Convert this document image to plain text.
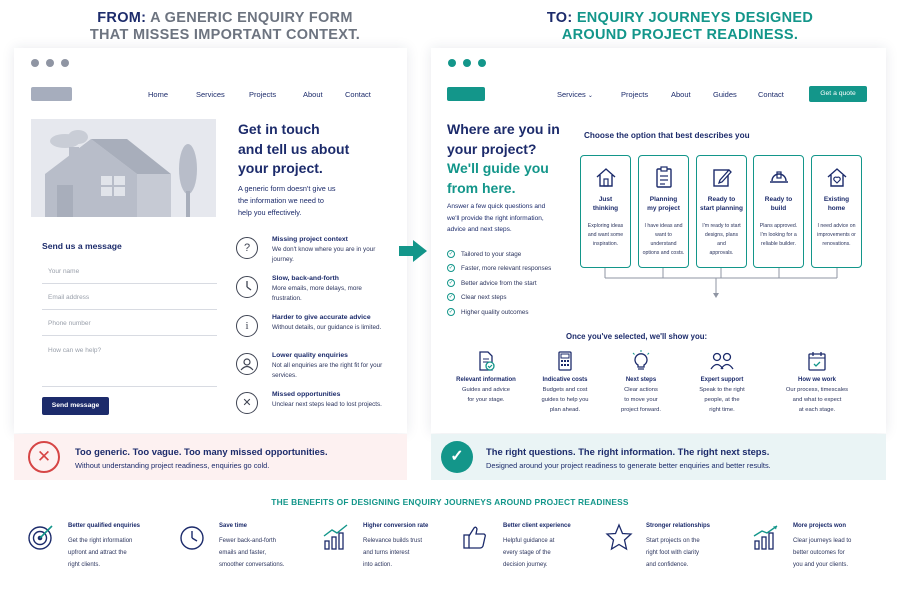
FROM: A GENERIC ENQUIRY FORM
THAT MISSES IMPORTANT CONTEXT.
TO: ENQUIRY JOURNEYS DESIGNED
AROUND PROJECT READINESS.
Home	Services	Projects	About	Contact
Get in touch
and tell us about
your project.
A generic form doesn't give us
the information we need to
help you effectively.
Send us a message
Your name
Email address
Phone number
How can we help?
Send message
?
Missing project context
We don't know where you are in your journey.
Slow, back-and-forth
More emails, more delays, more frustration.
i
Harder to give accurate advice
Without details, our guidance is limited.
Lower quality enquiries
Not all enquiries are the right fit for your services.
✕
Missed opportunities
Unclear next steps lead to lost projects.
✕	Too generic. Too vague. Too many missed opportunities.
Without understanding project readiness, enquiries go cold.
Services ⌄	Projects	About	Guides	Contact	Get a quote
Where are you in
your project?
We'll guide you
from here.
Answer a few quick questions and
we'll provide the right information,
advice and next steps.
✓ Tailored to your stage
✓ Faster, more relevant responses
✓ Better advice from the start
✓ Clear next steps
✓ Higher quality outcomes
Choose the option that best describes you
Just
thinking
Exploring ideas
and want some
inspiration.
Planning
my project
I have ideas and
want to understand
options and costs.
Ready to
start planning
I'm ready to start
designs, plans and
approvals.
Ready to
build
Plans approved.
I'm looking for a
reliable builder.
Existing
home
I need advice on
improvements or
renovations.
Once you've selected, we'll show you:
Relevant information
Guides and advice
for your stage.
Indicative costs
Budgets and cost
guides to help you
plan ahead.
Next steps
Clear actions
to move your
project forward.
Expert support
Speak to the right
people, at the
right time.
How we work
Our process, timescales
and what to expect
at each stage.
✓	The right questions. The right information. The right next steps.
Designed around your project readiness to generate better enquiries and better results.
THE BENEFITS OF DESIGNING ENQUIRY JOURNEYS AROUND PROJECT READINESS
Better qualified enquiries
Get the right information
upfront and attract the
right clients.
Save time
Fewer back-and-forth
emails and faster,
smoother conversations.
Higher conversion rate
Relevance builds trust
and turns interest
into action.
Better client experience
Helpful guidance at
every stage of the
decision journey.
Stronger relationships
Start projects on the
right foot with clarity
and confidence.
More projects won
Clear journeys lead to
better outcomes for
you and your clients.
